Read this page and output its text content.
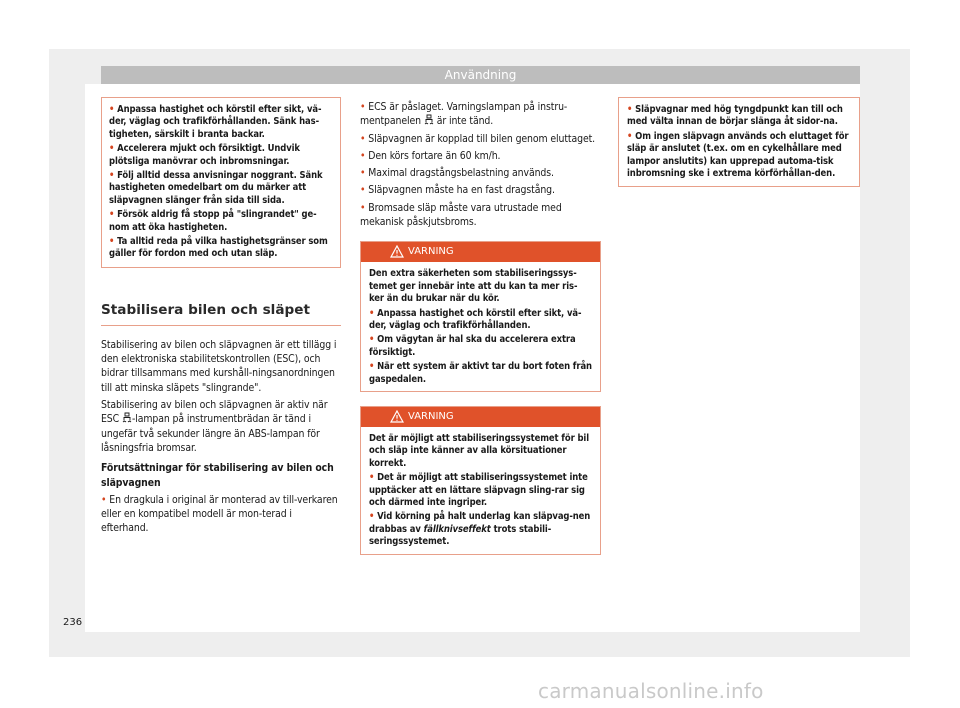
Användning

• Anpassa hastighet och körstil efter sikt, vä-der, väglag och trafikförhållanden. Sänk has-tigheten, särskilt i branta backar.

• Accelerera mjukt och försiktigt. Undvik plötsliga manövrar och inbromsningar.

• Följ alltid dessa anvisningar noggrant. Sänk hastigheten omedelbart om du märker att släpvagnen slänger från sida till sida.

• Försök aldrig få stopp på "slingrandet" ge-nom att öka hastigheten.

• Ta alltid reda på vilka hastighetsgränser som gäller för fordon med och utan släp.

Stabilisera bilen och släpet

Stabilisering av bilen och släpvagnen är ett tillägg i den elektroniska stabilitetskontrollen (ESC), och bidrar tillsammans med kurshåll-ningsanordningen till att minska släpets "slingrande".

Stabilisering av bilen och släpvagnen är aktiv när ESC -lampan på instrumentbrädan är tänd i ungefär två sekunder längre än ABS-lampan för låsningsfria bromsar.

Förutsättningar för stabilisering av bilen och släpvagnen

• En dragkula i original är monterad av till-verkaren eller en kompatibel modell är mon-terad i efterhand.

• ECS är påslaget. Varningslampan på instru-mentpanelen är inte tänd.

• Släpvagnen är kopplad till bilen genom eluttaget.

• Den körs fortare än 60 km/h.

• Maximal dragstångsbelastning används.

• Släpvagnen måste ha en fast dragstång.

• Bromsade släp måste vara utrustade med mekanisk påskjutsbroms.

VARNING

Den extra säkerheten som stabiliseringssys-temet ger innebär inte att du kan ta mer ris-ker än du brukar när du kör.

• Anpassa hastighet och körstil efter sikt, vä-der, väglag och trafikförhållanden.

• Om vägytan är hal ska du accelerera extra försiktigt.

• När ett system är aktivt tar du bort foten från gaspedalen.

VARNING

Det är möjligt att stabiliseringssystemet för bil och släp inte känner av alla körsituationer korrekt.

• Det är möjligt att stabiliseringssystemet inte upptäcker att en lättare släpvagn sling-rar sig och därmed inte ingriper.

• Vid körning på halt underlag kan släpvag-nen drabbas av fällknivseffekt trots stabili-seringssystemet.

• Släpvagnar med hög tyngdpunkt kan till och med välta innan de börjar slänga åt sidor-na.

• Om ingen släpvagn används och eluttaget för släp är anslutet (t.ex. om en cykelhållare med lampor anslutits) kan upprepad automa-tisk inbromsning ske i extrema körförhållan-den.

236
carmanualsonline.info
